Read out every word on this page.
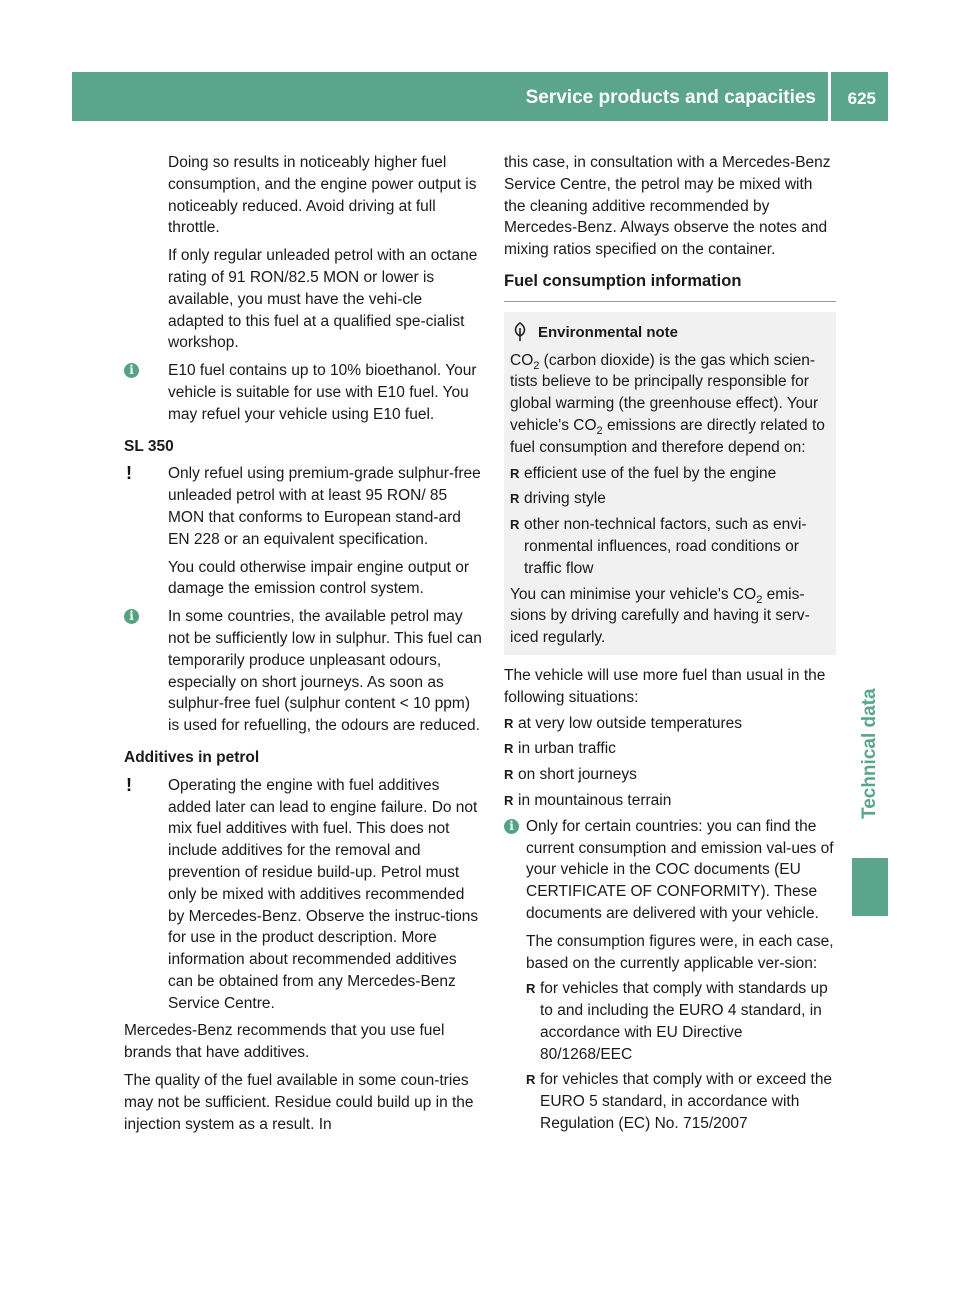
Service products and capacities 625
Technical data

Doing so results in noticeably higher fuel consumption, and the engine power output is noticeably reduced. Avoid driving at full throttle.

If only regular unleaded petrol with an octane rating of 91 RON/82.5 MON or lower is available, you must have the vehi-cle adapted to this fuel at a qualified spe-cialist workshop.

i	E10 fuel contains up to 10% bioethanol. Your vehicle is suitable for use with E10 fuel. You may refuel your vehicle using E10 fuel.

SL 350

! Only refuel using premium-grade sulphur-free unleaded petrol with at least 95 RON/ 85 MON that conforms to European stand-ard EN 228 or an equivalent specification.

You could otherwise impair engine output or damage the emission control system.

i	In some countries, the available petrol may not be sufficiently low in sulphur. This fuel can temporarily produce unpleasant odours, especially on short journeys. As soon as sulphur-free fuel (sulphur content < 10 ppm) is used for refuelling, the odours are reduced.

Additives in petrol

! Operating the engine with fuel additives added later can lead to engine failure. Do not mix fuel additives with fuel. This does not include additives for the removal and prevention of residue build-up. Petrol must only be mixed with additives recommended by Mercedes-Benz. Observe the instruc-tions for use in the product description. More information about recommended additives can be obtained from any Mercedes-Benz Service Centre.

Mercedes-Benz recommends that you use fuel brands that have additives.

The quality of the fuel available in some coun-tries may not be sufficient. Residue could build up in the injection system as a result. In

this case, in consultation with a Mercedes-Benz Service Centre, the petrol may be mixed with the cleaning additive recommended by Mercedes-Benz. Always observe the notes and mixing ratios specified on the container.

Fuel consumption information

Environmental note

$CO_2$ (carbon dioxide) is the gas which scien-tists believe to be principally responsible for global warming (the greenhouse effect). Your vehicle's $CO_2$ emissions are directly related to fuel consumption and therefore depend on:

R efficient use of the fuel by the engine
R driving style
R other non-technical factors, such as envi-ronmental influences, road conditions or traffic flow

You can minimise your vehicle's $CO_2$ emis-sions by driving carefully and having it serv-iced regularly.

The vehicle will use more fuel than usual in the following situations:

R at very low outside temperatures
R in urban traffic
R on short journeys
R in mountainous terrain
i Only for certain countries: you can find the current consumption and emission val-ues of your vehicle in the COC documents (EU CERTIFICATE OF CONFORMITY). These documents are delivered with your vehicle.

The consumption figures were, in each case, based on the currently applicable ver-sion:

R for vehicles that comply with standards up to and including the EURO 4 standard, in accordance with EU Directive 80/1268/EEC
R for vehicles that comply with or exceed the EURO 5 standard, in accordance with Regulation (EC) No. 715/2007
